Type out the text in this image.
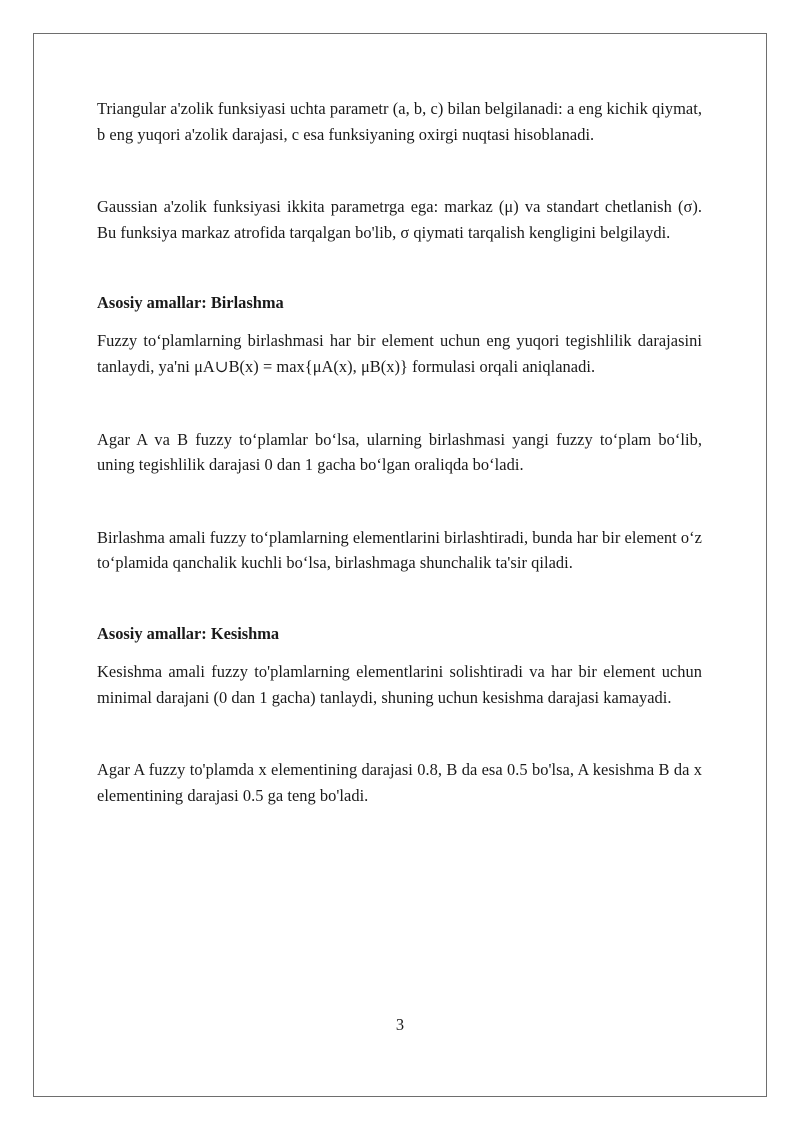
Triangular a'zolik funksiyasi uchta parametr (a, b, c) bilan belgilanadi: a eng kichik qiymat, b eng yuqori a'zolik darajasi, c esa funksiyaning oxirgi nuqtasi hisoblanadi.

Gaussian a'zolik funksiyasi ikkita parametrga ega: markaz (μ) va standart chetlanish (σ). Bu funksiya markaz atrofida tarqalgan bo'lib, σ qiymati tarqalish kengligini belgilaydi.

Asosiy amallar: Birlashma

Fuzzy to‘plamlarning birlashmasi har bir element uchun eng yuqori tegishlilik darajasini tanlaydi, ya'ni μA∪B(x) = max{μA(x), μB(x)} formulasi orqali aniqlanadi.

Agar A va B fuzzy to‘plamlar bo‘lsa, ularning birlashmasi yangi fuzzy to‘plam bo‘lib, uning tegishlilik darajasi 0 dan 1 gacha bo‘lgan oraliqda bo‘ladi.

Birlashma amali fuzzy to‘plamlarning elementlarini birlashtiradi, bunda har bir element o‘z to‘plamida qanchalik kuchli bo‘lsa, birlashmaga shunchalik ta'sir qiladi.

Asosiy amallar: Kesishma

Kesishma amali fuzzy to'plamlarning elementlarini solishtiradi va har bir element uchun minimal darajani (0 dan 1 gacha) tanlaydi, shuning uchun kesishma darajasi kamayadi.

Agar A fuzzy to'plamda x elementining darajasi 0.8, B da esa 0.5 bo'lsa, A kesishma B da x elementining darajasi 0.5 ga teng bo'ladi.

3
